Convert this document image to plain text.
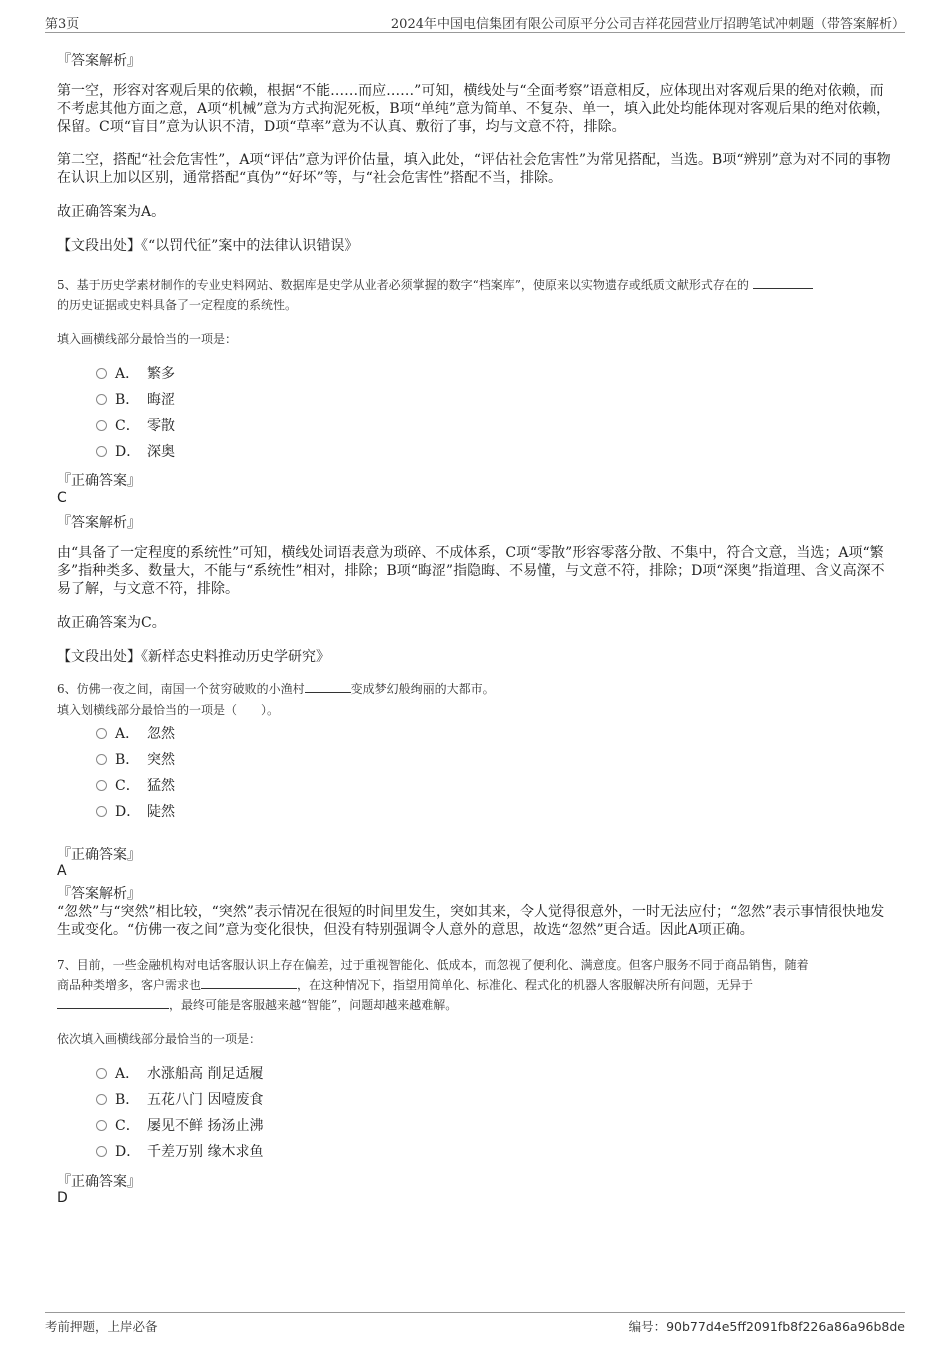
第3页	2024年中国电信集团有限公司原平分公司吉祥花园营业厅招聘笔试冲刺题（带答案解析）
『答案解析』
第一空，形容对客观后果的依赖，根据“不能……而应……”可知，横线处与“全面考察”语意相反，应体现出对客观后果的绝对依赖，而不考虑其他方面之意，A项“机械”意为方式拘泥死板，B项“单纯”意为简单、不复杂、单一，填入此处均能体现对客观后果的绝对依赖，保留。C项“盲目”意为认识不清，D项“草率”意为不认真、敷衍了事，均与文意不符，排除。
第二空，搭配“社会危害性”，A项“评估”意为评价估量，填入此处，“评估社会危害性”为常见搭配，当选。B项“辨别”意为对不同的事物在认识上加以区别，通常搭配“真伪”“好坏”等，与“社会危害性”搭配不当，排除。
故正确答案为A。
【文段出处】《“以罚代征”案中的法律认识错误》
5、基于历史学素材制作的专业史料网站、数据库是史学从业者必须掌握的数字“档案库”，使原来以实物遗存或纸质文献形式存在的
的历史证据或史料具备了一定程度的系统性。
填入画横线部分最恰当的一项是：
A． 繁多
B． 晦涩
C． 零散
D． 深奥
『正确答案』
C
『答案解析』
由“具备了一定程度的系统性”可知，横线处词语表意为琐碎、不成体系，C项“零散”形容零落分散、不集中，符合文意，当选；A项“繁多”指种类多、数量大，不能与“系统性”相对，排除；B项“晦涩”指隐晦、不易懂，与文意不符，排除；D项“深奥”指道理、含义高深不易了解，与文意不符，排除。
故正确答案为C。
【文段出处】《新样态史料推动历史学研究》
6、仿佛一夜之间，南国一个贫穷破败的小渔村	变成梦幻般绚丽的大都市。
填入划横线部分最恰当的一项是（　　）。
A． 忽然
B． 突然
C． 猛然
D． 陡然
『正确答案』
A
『答案解析』
“忽然”与“突然”相比较，“突然”表示情况在很短的时间里发生，突如其来，令人觉得很意外，一时无法应付；“忽然”表示事情很快地发生或变化。“仿佛一夜之间”意为变化很快，但没有特别强调令人意外的意思，故选“忽然”更合适。因此A项正确。
7、目前，一些金融机构对电话客服认识上存在偏差，过于重视智能化、低成本，而忽视了便利化、满意度。但客户服务不同于商品销售，随着
商品种类增多，客户需求也	，在这种情况下，指望用简单化、标准化、程式化的机器人客服解决所有问题，无异于
，最终可能是客服越来越“智能”，问题却越来越难解。
依次填入画横线部分最恰当的一项是：
A． 水涨船高 削足适履
B． 五花八门 因噎废食
C． 屡见不鲜 扬汤止沸
D． 千差万别 缘木求鱼
『正确答案』
D
考前押题，上岸必备	编号：90b77d4e5ff2091fb8f226a86a96b8de
